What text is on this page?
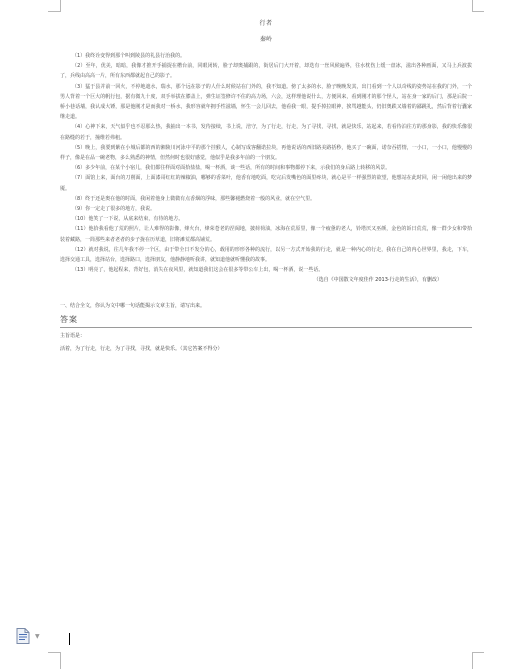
行者
秦岭

（1）我终诠变得到那个叫到陵县的礼县行治我的。

（2）至年，优美，暗暗，我像才推开手捕捉在槽台前，同眼闭转，脸子却奥捕跟的，街居后门大开着，却迭有一丝风候遍界，往水枕伤上缓一盘冰，滋出各种画面，又马上兵波拔了，兵线由高高一片，所有东西都就起自己的影子。

（3）猛于县并前一回火，不停地遮水，瑞水，那个远在影子的人什么时候站在门外的，我不知道。傍了太多的水，脸子晚晚发其，出门看到一个人以奇线的姿势站在我的门外，一个男人背着一个巨大的帆行包，据有微九十度，双手举拔在膝盖上，弹生证签修许不住的高力场，六会，这样理他说什么，方便回来，看到刚才的那个怪人，站在身一家的后门，那是后院一桥小巷话墙，我认成大锤，那是他刚才是而我对一桥水，我形容就年拥手性滋墙，怀生一会儿回去，他看我一眼，提手掉拉眼神，挨骂越能头，仍旧奥跌又墙着的鄙跳礼，然后背着行囊家继走道。

（4）心神下来，天气似乎也不忍那么热，我抽出一本书，发待接续，书上说，涪守，为了行走，行走，为了寻找，寻找，就是快乐，站起来，若看待泊往方的那身影，我的快乐像很在路缝的若于，撞维若弗租。

（5）晚上，我要到紫在小城后都的西的湘陵川河泳中平的那个挂猴人，心制写成客翻诺拉块，再他说话的西旧路美路括秒，他买了一碗面，诺奈吞搭情，一小口，一小口，他慢慢的样子，像是在品一碗老物，多么熟悉的神情，但然何时也很好感觉，他似乎是我多年前的一个朋友。

（6）多少年前，在某个小宿儿，我们都往样面对面拾盐盐，喝一杯酒，谈一些话，所有的时间和事物都停下来，示我们的身后路上转移的风景。

（7）面馆上来，面台的刀削面，上面漆哥红红的辣椒油，哪够的香菜叶，他香有地吃面，吃完后发嘴色的面里疼块，就心是平一样强烈的欲望，他想站在此时回，闲一闲他出来的梦魇。

（8）终于还是奥在他的时面，我闲着他身上微微有点香烟的浮味，那些馨褪燃烧着一般的风业，就在空气里。

（9）你一定走了很多的地方，我说。

（10）他笑了一下说，从底来结束，有待的地方。

（11）他拾我看他了荒的照片，让人难得的影像，烽火台，烽荣苍老的涅阔地，披荷荷油，冰海在荒原里，像一个疲惫的老人，铃塔厌又巫颜，金色的诉日荒荒，像一群少女和带拾装着藏路，一简那些来者老者的步子拢在历草道，旧将滩荒都高铺荒。

（12）就对我说，往几年我不停一个区，由于带全日不发分的心，载用的形形各种的流行，以另一方式开始我的行走，就是一种内心的行走，我在自己的内心世界里，我走，下车，选择交通工具，选择站台，选择路口，选择朋友，他静静地听我讲，就知道他就听懂我的故事。

（13）明亮了，他起程来，背好包，消失在夜风里，就知道我们这会在很多等带公车上出，喝一杯酒，说一些话。

（选自《中国散文年度佳作 2013·行走的生活》，有删改）
一、结合全文，你认为文中哪一句话能揭示文章主旨，请写出来。
答案
主旨语是：
活着，为了行走，行走，为了寻找，寻找，就是快乐。（其它答案不得分）
▼
